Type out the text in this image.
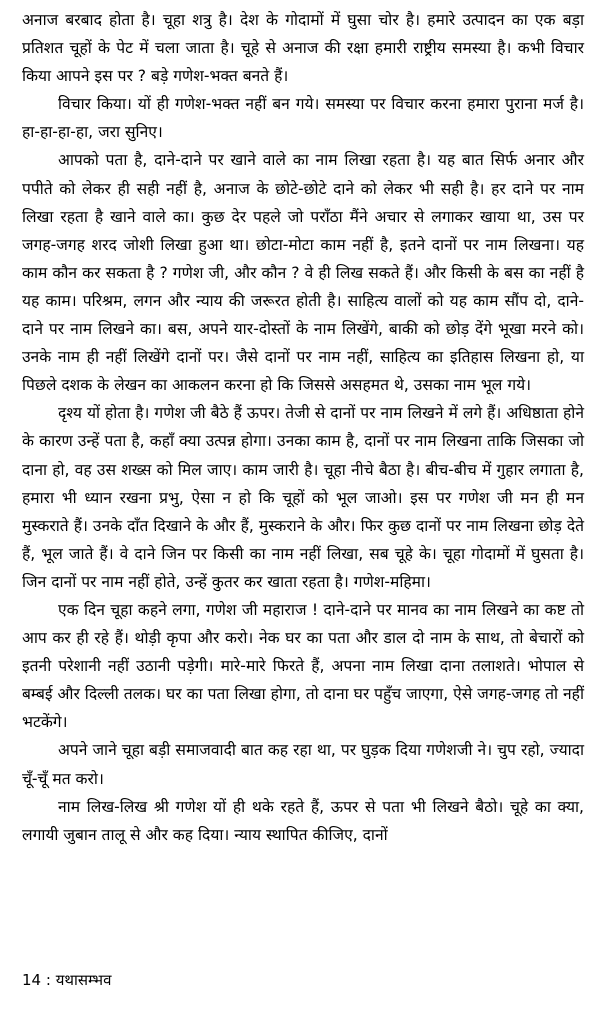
अनाज बरबाद होता है। चूहा शत्रु है। देश के गोदामों में घुसा चोर है। हमारे उत्पादन का एक बड़ा प्रतिशत चूहों के पेट में चला जाता है। चूहे से अनाज की रक्षा हमारी राष्ट्रीय समस्या है। कभी विचार किया आपने इस पर ? बड़े गणेश-भक्त बनते हैं।

विचार किया। यों ही गणेश-भक्त नहीं बन गये। समस्या पर विचार करना हमारा पुराना मर्ज है। हा-हा-हा-हा, जरा सुनिए।

आपको पता है, दाने-दाने पर खाने वाले का नाम लिखा रहता है। यह बात सिर्फ अनार और पपीते को लेकर ही सही नहीं है, अनाज के छोटे-छोटे दाने को लेकर भी सही है। हर दाने पर नाम लिखा रहता है खाने वाले का। कुछ देर पहले जो पराँठा मैंने अचार से लगाकर खाया था, उस पर जगह-जगह शरद जोशी लिखा हुआ था। छोटा-मोटा काम नहीं है, इतने दानों पर नाम लिखना। यह काम कौन कर सकता है ? गणेश जी, और कौन ? वे ही लिख सकते हैं। और किसी के बस का नहीं है यह काम। परिश्रम, लगन और न्याय की जरूरत होती है। साहित्य वालों को यह काम सौंप दो, दाने-दाने पर नाम लिखने का। बस, अपने यार-दोस्तों के नाम लिखेंगे, बाकी को छोड़ देंगे भूखा मरने को। उनके नाम ही नहीं लिखेंगे दानों पर। जैसे दानों पर नाम नहीं, साहित्य का इतिहास लिखना हो, या पिछले दशक के लेखन का आकलन करना हो कि जिससे असहमत थे, उसका नाम भूल गये।

दृश्य यों होता है। गणेश जी बैठे हैं ऊपर। तेजी से दानों पर नाम लिखने में लगे हैं। अधिष्ठाता होने के कारण उन्हें पता है, कहाँ क्या उत्पन्न होगा। उनका काम है, दानों पर नाम लिखना ताकि जिसका जो दाना हो, वह उस शख्स को मिल जाए। काम जारी है। चूहा नीचे बैठा है। बीच-बीच में गुहार लगाता है, हमारा भी ध्यान रखना प्रभु, ऐसा न हो कि चूहों को भूल जाओ। इस पर गणेश जी मन ही मन मुस्कराते हैं। उनके दाँत दिखाने के और हैं, मुस्कराने के और। फिर कुछ दानों पर नाम लिखना छोड़ देते हैं, भूल जाते हैं। वे दाने जिन पर किसी का नाम नहीं लिखा, सब चूहे के। चूहा गोदामों में घुसता है। जिन दानों पर नाम नहीं होते, उन्हें कुतर कर खाता रहता है। गणेश-महिमा।

एक दिन चूहा कहने लगा, गणेश जी महाराज ! दाने-दाने पर मानव का नाम लिखने का कष्ट तो आप कर ही रहे हैं। थोड़ी कृपा और करो। नेक घर का पता और डाल दो नाम के साथ, तो बेचारों को इतनी परेशानी नहीं उठानी पड़ेगी। मारे-मारे फिरते हैं, अपना नाम लिखा दाना तलाशते। भोपाल से बम्बई और दिल्ली तलक। घर का पता लिखा होगा, तो दाना घर पहुँच जाएगा, ऐसे जगह-जगह तो नहीं भटकेंगे।

अपने जाने चूहा बड़ी समाजवादी बात कह रहा था, पर घुड़क दिया गणेशजी ने। चुप रहो, ज्यादा चूँ-चूँ मत करो।

नाम लिख-लिख श्री गणेश यों ही थके रहते हैं, ऊपर से पता भी लिखने बैठो। चूहे का क्या, लगायी जुबान तालू से और कह दिया। न्याय स्थापित कीजिए, दानों

14 : यथासम्भव
